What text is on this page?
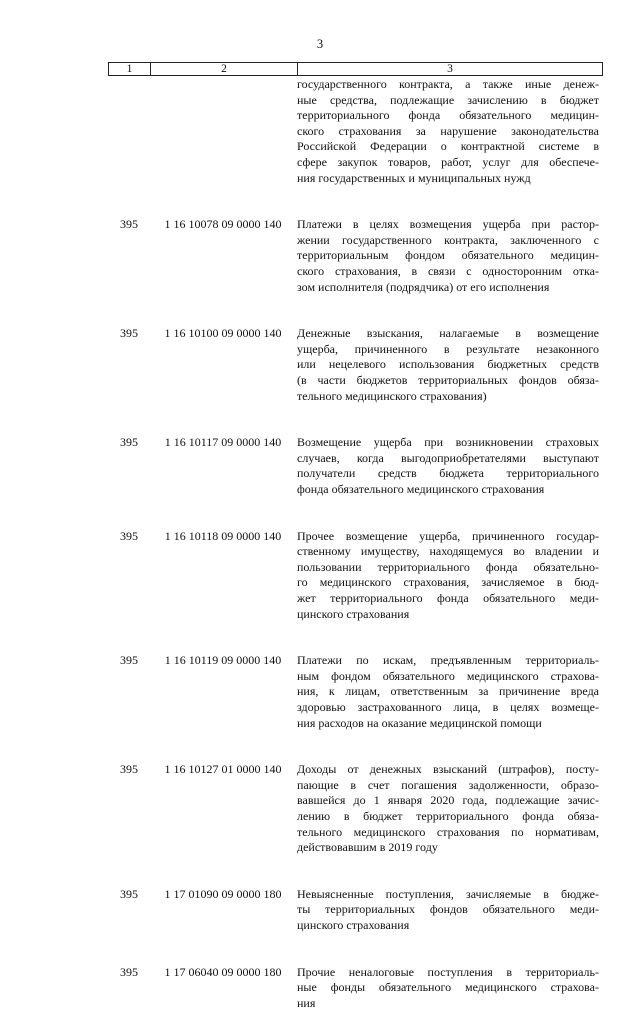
3
1	2	3
государственного контракта, а также иные денеж-
ные средства, подлежащие зачислению в бюджет
территориального фонда обязательного медицин-
ского страхования за нарушение законодательства
Российской Федерации о контрактной системе в
сфере закупок товаров, работ, услуг для обеспече-
ния государственных и муниципальных нужд
395	1 16 10078 09 0000 140	Платежи в целях возмещения ущерба при растор-
жении государственного контракта, заключенного с
территориальным фондом обязательного медицин-
ского страхования, в связи с односторонним отка-
зом исполнителя (подрядчика) от его исполнения
395	1 16 10100 09 0000 140	Денежные взыскания, налагаемые в возмещение
ущерба, причиненного в результате незаконного
или нецелевого использования бюджетных средств
(в части бюджетов территориальных фондов обяза-
тельного медицинского страхования)
395	1 16 10117 09 0000 140	Возмещение ущерба при возникновении страховых
случаев, когда выгодоприобретателями выступают
получатели средств бюджета территориального
фонда обязательного медицинского страхования
395	1 16 10118 09 0000 140	Прочее возмещение ущерба, причиненного государ-
ственному имуществу, находящемуся во владении и
пользовании территориального фонда обязательно-
го медицинского страхования, зачисляемое в бюд-
жет территориального фонда обязательного меди-
цинского страхования
395	1 16 10119 09 0000 140	Платежи по искам, предъявленным территориаль-
ным фондом обязательного медицинского страхова-
ния, к лицам, ответственным за причинение вреда
здоровью застрахованного лица, в целях возмеще-
ния расходов на оказание медицинской помощи
395	1 16 10127 01 0000 140	Доходы от денежных взысканий (штрафов), посту-
пающие в счет погашения задолженности, образо-
вавшейся до 1 января 2020 года, подлежащие зачис-
лению в бюджет территориального фонда обяза-
тельного медицинского страхования по нормативам,
действовавшим в 2019 году
395	1 17 01090 09 0000 180	Невыясненные поступления, зачисляемые в бюдже-
ты территориальных фондов обязательного меди-
цинского страхования
395	1 17 06040 09 0000 180	Прочие неналоговые поступления в территориаль-
ные фонды обязательного медицинского страхова-
ния
